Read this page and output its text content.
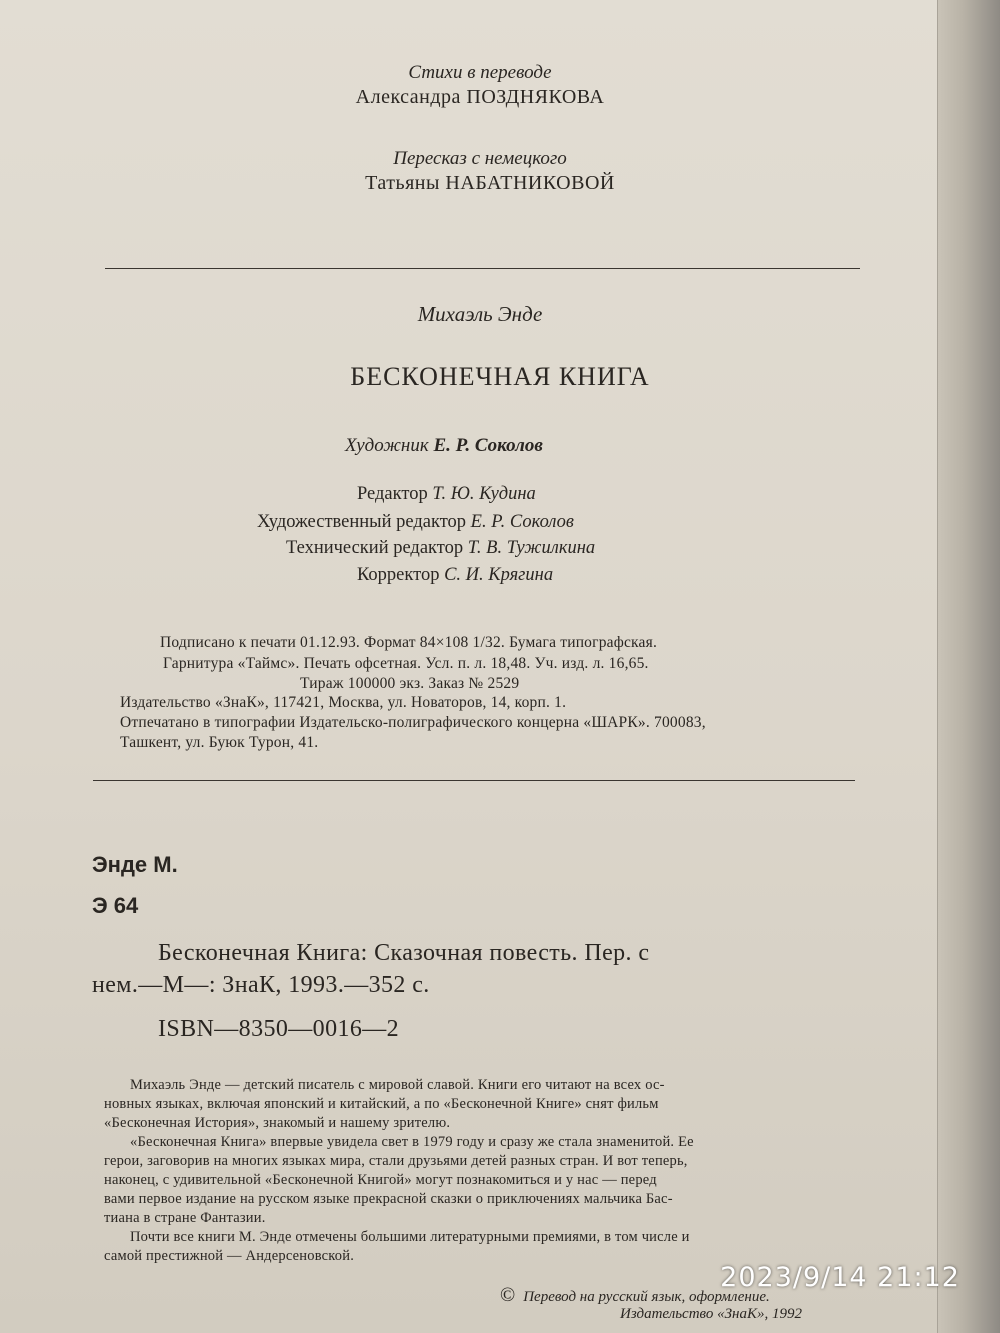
Стихи в переводе
Александра ПОЗДНЯКОВА
Пересказ с немецкого
Татьяны НАБАТНИКОВОЙ
Михаэль Энде
БЕСКОНЕЧНАЯ КНИГА
Художник Е. Р. Соколов
Редактор Т. Ю. Кудина
Художественный редактор Е. Р. Соколов
Технический редактор Т. В. Тужилкина
Корректор С. И. Крягина
Подписано к печати 01.12.93. Формат 84×108 1/32. Бумага типографская.
Гарнитура «Таймс». Печать офсетная. Усл. п. л. 18,48. Уч. изд. л. 16,65.
Тираж 100000 экз. Заказ № 2529
Издательство «ЗнаК», 117421, Москва, ул. Новаторов, 14, корп. 1.
Отпечатано в типографии Издательско-полиграфического концерна «ШАРК». 700083,
Ташкент, ул. Буюк Турон, 41.
Энде М.
Э 64
Бесконечная Книга: Сказочная повесть. Пер. с
нем.—М—: ЗнаК, 1993.—352 с.
ISBN—8350—0016—2
Михаэль Энде — детский писатель с мировой славой. Книги его читают на всех ос-
новных языках, включая японский и китайский, а по «Бесконечной Книге» снят фильм
«Бесконечная История», знакомый и нашему зрителю.
«Бесконечная Книга» впервые увидела свет в 1979 году и сразу же стала знаменитой. Ее
герои, заговорив на многих языках мира, стали друзьями детей разных стран. И вот теперь,
наконец, с удивительной «Бесконечной Книгой» могут познакомиться и у нас — перед
вами первое издание на русском языке прекрасной сказки о приключениях мальчика Бас-
тиана в стране Фантазии.
Почти все книги М. Энде отмечены большими литературными премиями, в том числе и
самой престижной — Андерсеновской.
© Перевод на русский язык, оформление.
Издательство «ЗнаК», 1992
2023/9/14 21:12
